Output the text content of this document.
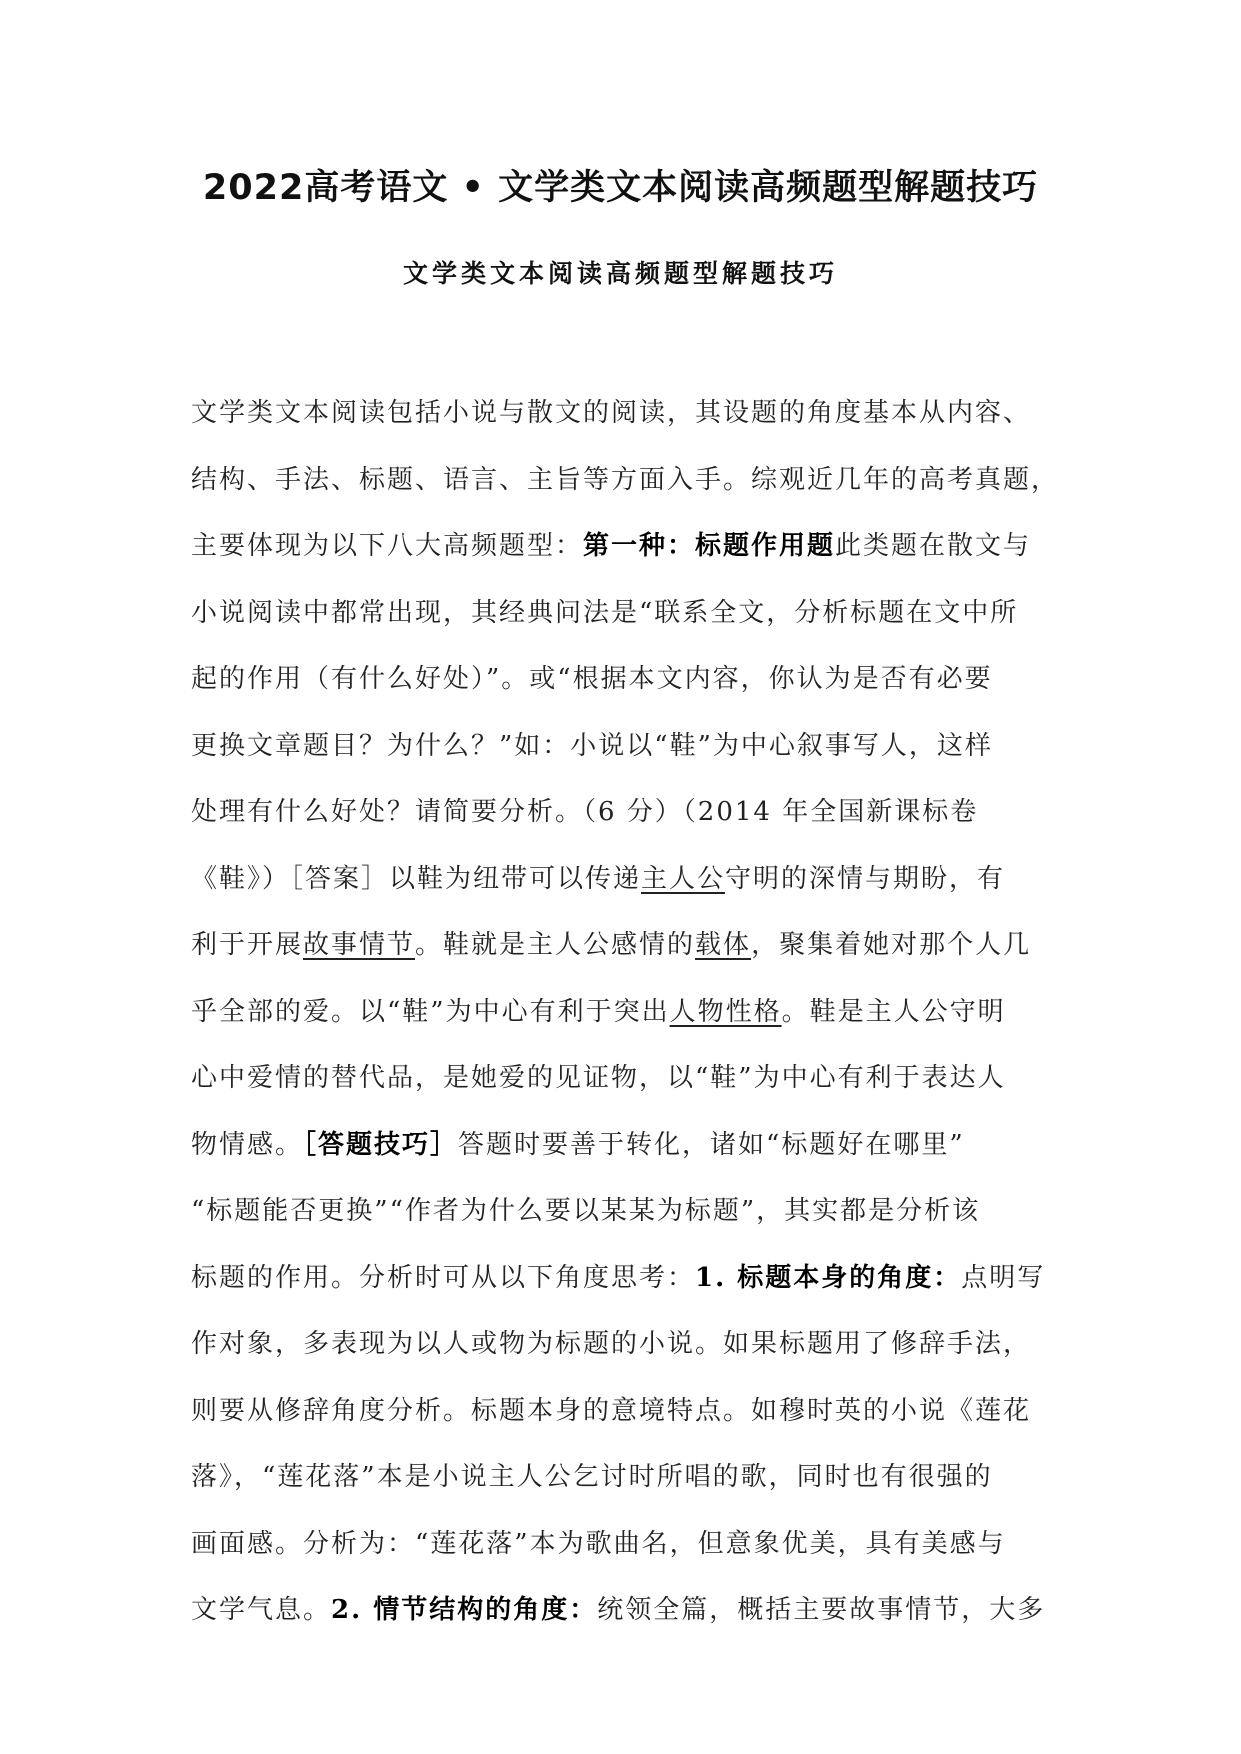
2022高考语文 • 文学类文本阅读高频题型解题技巧
文学类文本阅读高频题型解题技巧
文学类文本阅读包括小说与散文的阅读，其设题的角度基本从内容、
结构、手法、标题、语言、主旨等方面入手。综观近几年的高考真题，
主要体现为以下八大高频题型：第一种：标题作用题此类题在散文与
小说阅读中都常出现，其经典问法是“联系全文，分析标题在文中所
起的作用（有什么好处）”。或“根据本文内容，你认为是否有必要
更换文章题目？为什么？”如：小说以“鞋”为中心叙事写人，这样
处理有什么好处？请简要分析。（6 分）（2014 年全国新课标卷
《鞋》）［答案］以鞋为纽带可以传递主人公守明的深情与期盼，有
利于开展故事情节。鞋就是主人公感情的载体，聚集着她对那个人几
乎全部的爱。以“鞋”为中心有利于突出人物性格。鞋是主人公守明
心中爱情的替代品，是她爱的见证物，以“鞋”为中心有利于表达人
物情感。［答题技巧］答题时要善于转化，诸如“标题好在哪里”
“标题能否更换”“作者为什么要以某某为标题”，其实都是分析该
标题的作用。分析时可从以下角度思考：1. 标题本身的角度：点明写
作对象，多表现为以人或物为标题的小说。如果标题用了修辞手法，
则要从修辞角度分析。标题本身的意境特点。如穆时英的小说《莲花
落》，“莲花落”本是小说主人公乞讨时所唱的歌，同时也有很强的
画面感。分析为：“莲花落”本为歌曲名，但意象优美，具有美感与
文学气息。2. 情节结构的角度：统领全篇，概括主要故事情节，大多
